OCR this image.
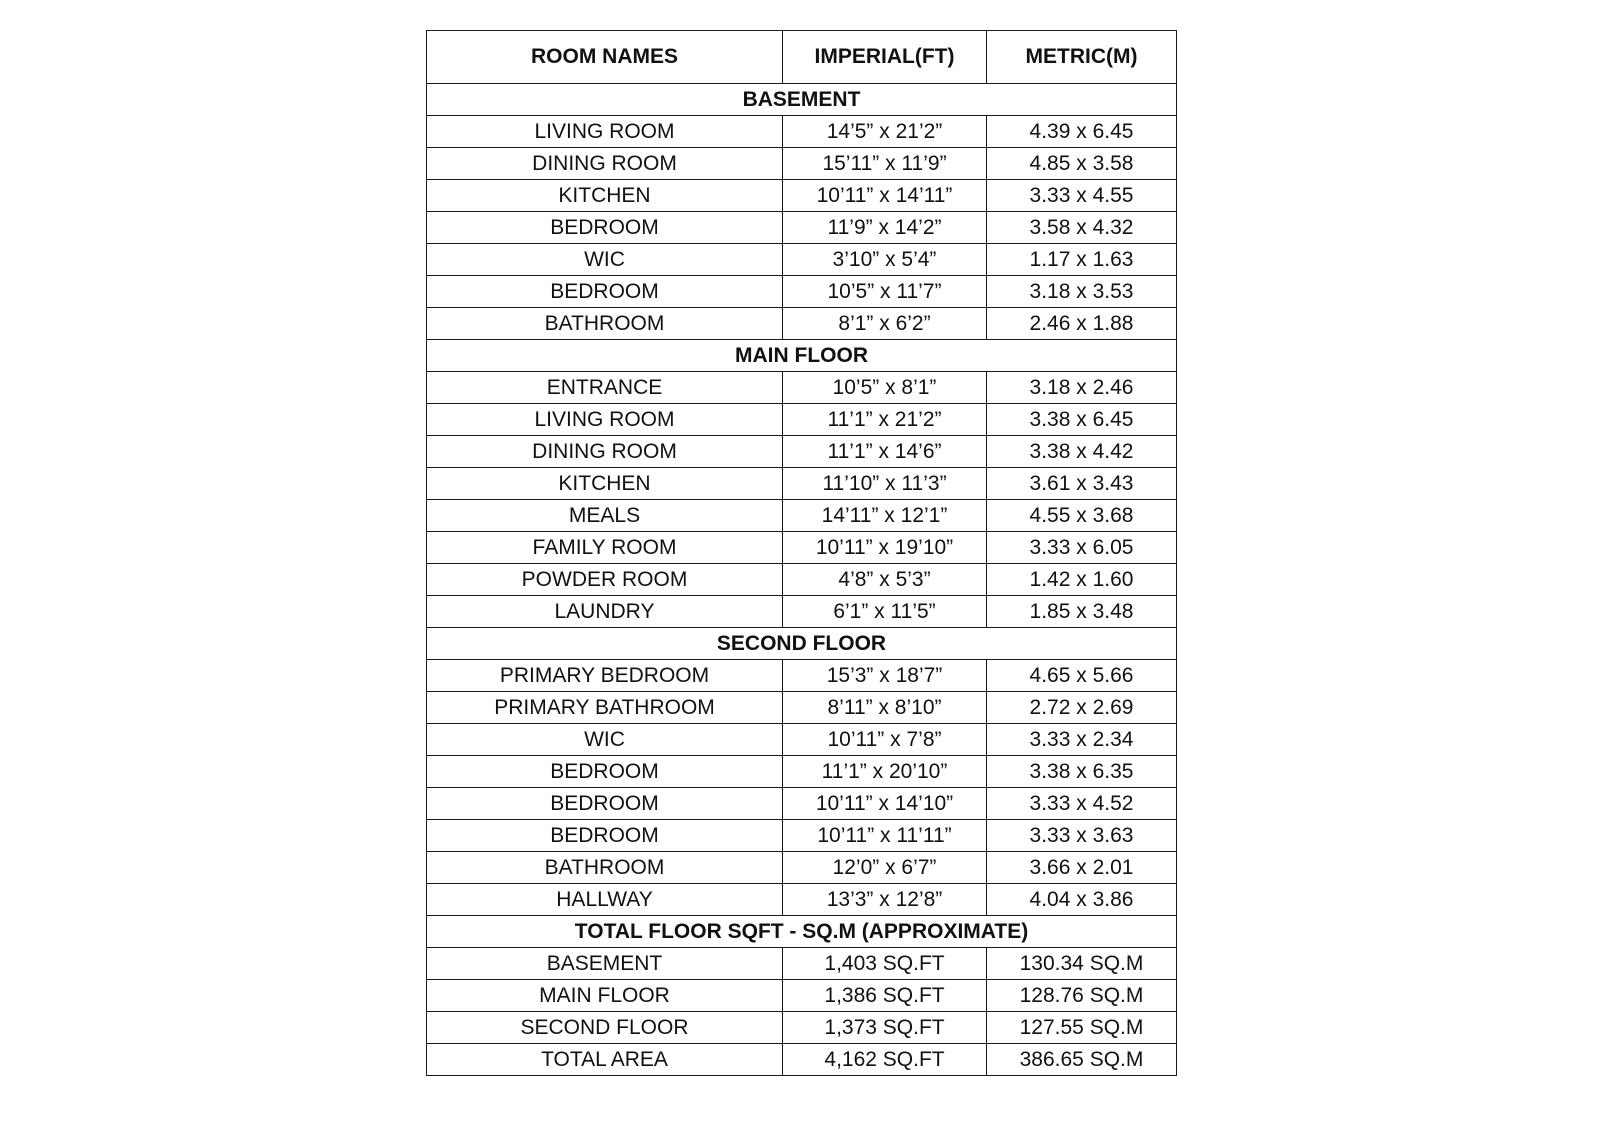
ROOM NAMES	IMPERIAL(FT)	METRIC(M)
BASEMENT		
LIVING ROOM	14’5” x 21’2”	4.39 x 6.45
DINING ROOM	15’11” x 11’9”	4.85 x 3.58
KITCHEN	10’11” x 14’11”	3.33 x 4.55
BEDROOM	11’9” x 14’2”	3.58 x 4.32
WIC	3’10” x 5’4”	1.17 x 1.63
BEDROOM	10’5” x 11’7”	3.18 x 3.53
BATHROOM	8’1” x 6’2”	2.46 x 1.88
MAIN FLOOR		
ENTRANCE	10’5” x 8’1”	3.18 x 2.46
LIVING ROOM	11’1” x 21’2”	3.38 x 6.45
DINING ROOM	11’1” x 14’6”	3.38 x 4.42
KITCHEN	11’10” x 11’3”	3.61 x 3.43
MEALS	14’11” x 12’1”	4.55 x 3.68
FAMILY ROOM	10’11” x 19’10”	3.33 x 6.05
POWDER ROOM	4’8” x 5’3”	1.42 x 1.60
LAUNDRY	6’1” x 11’5”	1.85 x 3.48
SECOND FLOOR		
PRIMARY BEDROOM	15’3” x 18’7”	4.65 x 5.66
PRIMARY BATHROOM	8’11” x 8’10”	2.72 x 2.69
WIC	10’11” x 7’8”	3.33 x 2.34
BEDROOM	11’1” x 20’10”	3.38 x 6.35
BEDROOM	10’11” x 14’10”	3.33 x 4.52
BEDROOM	10’11” x 11’11”	3.33 x 3.63
BATHROOM	12’0” x 6’7”	3.66 x 2.01
HALLWAY	13’3” x 12’8”	4.04 x 3.86
TOTAL FLOOR SQFT - SQ.M (APPROXIMATE)		
BASEMENT	1,403 SQ.FT	130.34 SQ.M
MAIN FLOOR	1,386 SQ.FT	128.76 SQ.M
SECOND FLOOR	1,373 SQ.FT	127.55 SQ.M
TOTAL AREA	4,162 SQ.FT	386.65 SQ.M
